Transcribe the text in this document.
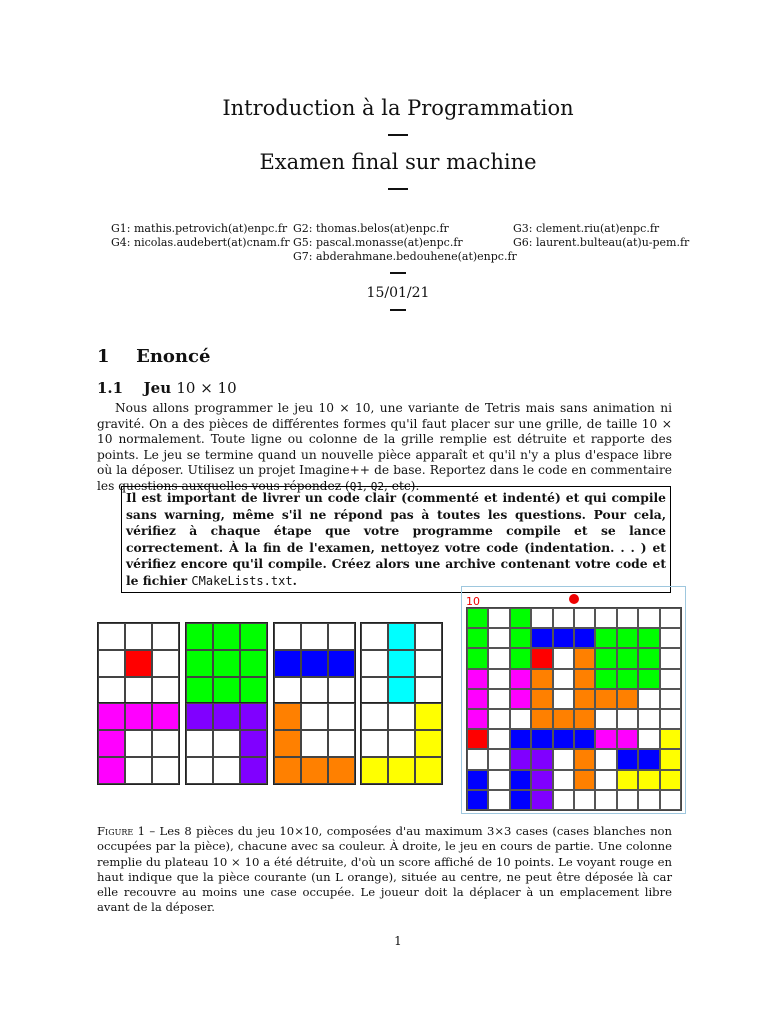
Introduction à la Programmation
Examen final sur machine
G1: mathis.petrovich(at)enpc.fr G2: thomas.belos(at)enpc.fr	G3: clement.riu(at)enpc.fr
G4: nicolas.audebert(at)cnam.fr G5: pascal.monasse(at)enpc.fr	G6: laurent.bulteau(at)u-pem.fr
G7: abderahmane.bedouhene(at)enpc.fr
15/01/21
1 Enoncé
1.1 Jeu 10 × 10
Nous allons programmer le jeu 10 × 10, une variante de Tetris mais sans animation ni gravité. On a des pièces de différentes formes qu'il faut placer sur une grille, de taille 10 × 10 normalement. Toute ligne ou colonne de la grille remplie est détruite et rapporte des points. Le jeu se termine quand un nouvelle pièce apparaît et qu'il n'y a plus d'espace libre où la déposer. Utilisez un projet Imagine++ de base. Reportez dans le code en commentaire les questions auxquelles vous répondez (Q1, Q2, etc).
Il est important de livrer un code clair (commenté et indenté) et qui compile sans warning, même s'il ne répond pas à toutes les questions. Pour cela, vérifiez à chaque étape que votre programme compile et se lance correctement. À la fin de l'examen, nettoyez votre code (indentation. . . ) et vérifiez encore qu'il compile. Créez alors une archive contenant votre code et le fichier CMakeLists.txt.
10
Figure 1 – Les 8 pièces du jeu 10×10, composées d'au maximum 3×3 cases (cases blanches non occupées par la pièce), chacune avec sa couleur. À droite, le jeu en cours de partie. Une colonne remplie du plateau 10 × 10 a été détruite, d'où un score affiché de 10 points. Le voyant rouge en haut indique que la pièce courante (un L orange), située au centre, ne peut être déposée là car elle recouvre au moins une case occupée. Le joueur doit la déplacer à un emplacement libre avant de la déposer.
1
